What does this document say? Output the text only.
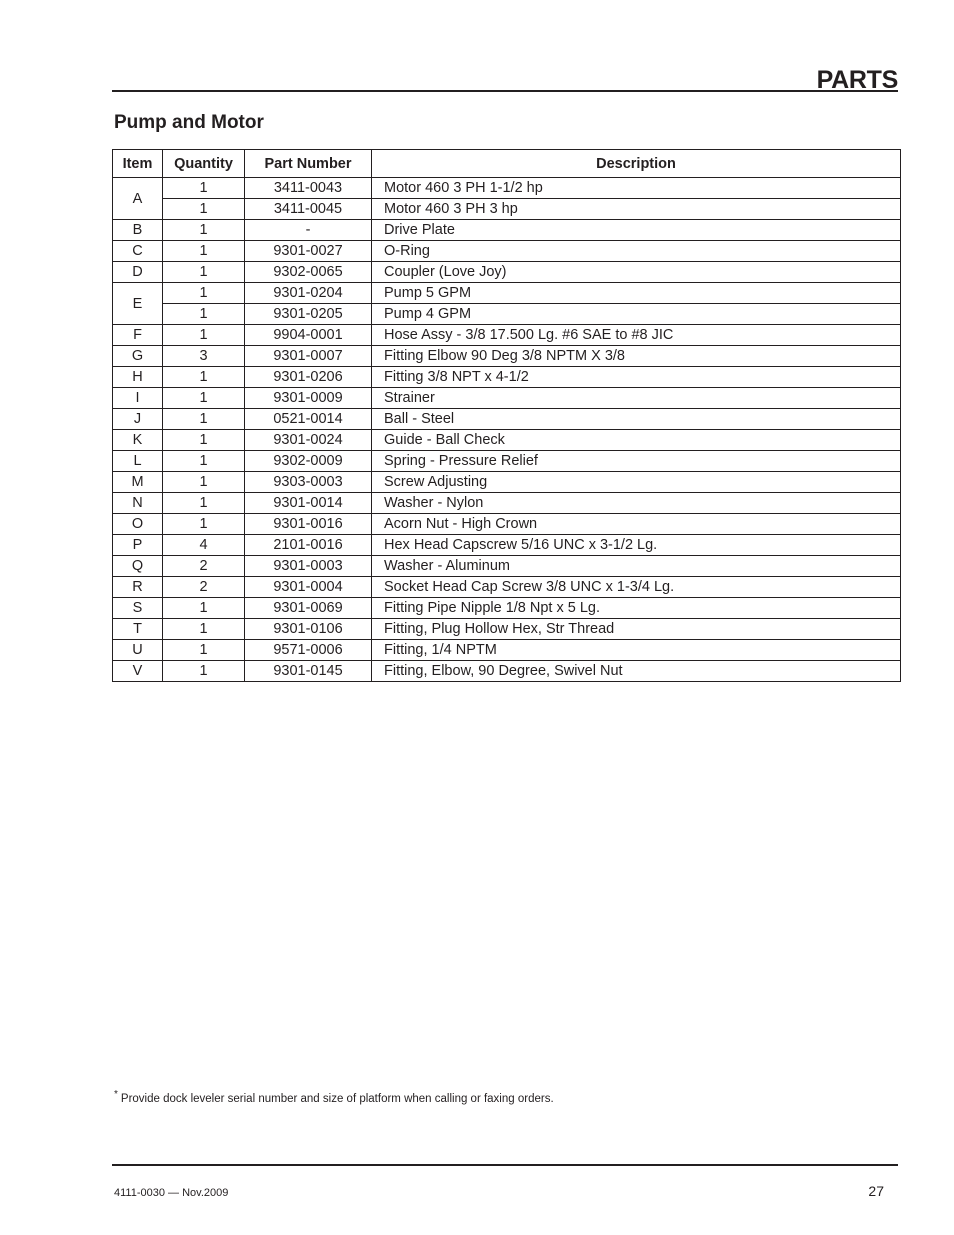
PARTS
Pump and Motor
Item	Quantity	Part Number	Description
A	1	3411-0043	Motor 460 3 PH 1-1/2 hp
	1	3411-0045	Motor 460 3 PH 3 hp
B	1	-	Drive Plate
C	1	9301-0027	O-Ring
D	1	9302-0065	Coupler (Love Joy)
E	1	9301-0204	Pump 5 GPM
	1	9301-0205	Pump 4 GPM
F	1	9904-0001	Hose Assy - 3/8 17.500 Lg. #6 SAE to #8 JIC
G	3	9301-0007	Fitting Elbow 90 Deg 3/8 NPTM X 3/8
H	1	9301-0206	Fitting 3/8 NPT x 4-1/2
I	1	9301-0009	Strainer
J	1	0521-0014	Ball - Steel
K	1	9301-0024	Guide - Ball Check
L	1	9302-0009	Spring - Pressure Relief
M	1	9303-0003	Screw Adjusting
N	1	9301-0014	Washer - Nylon
O	1	9301-0016	Acorn Nut - High Crown
P	4	2101-0016	Hex Head Capscrew 5/16 UNC x 3-1/2 Lg.
Q	2	9301-0003	Washer - Aluminum
R	2	9301-0004	Socket Head Cap Screw 3/8 UNC x 1-3/4 Lg.
S	1	9301-0069	Fitting Pipe Nipple 1/8 Npt x 5 Lg.
T	1	9301-0106	Fitting, Plug Hollow Hex, Str Thread
U	1	9571-0006	Fitting, 1/4 NPTM
V	1	9301-0145	Fitting, Elbow, 90 Degree, Swivel Nut
* Provide dock leveler serial number and size of platform when calling or faxing orders.
4111-0030 — Nov.2009	27
